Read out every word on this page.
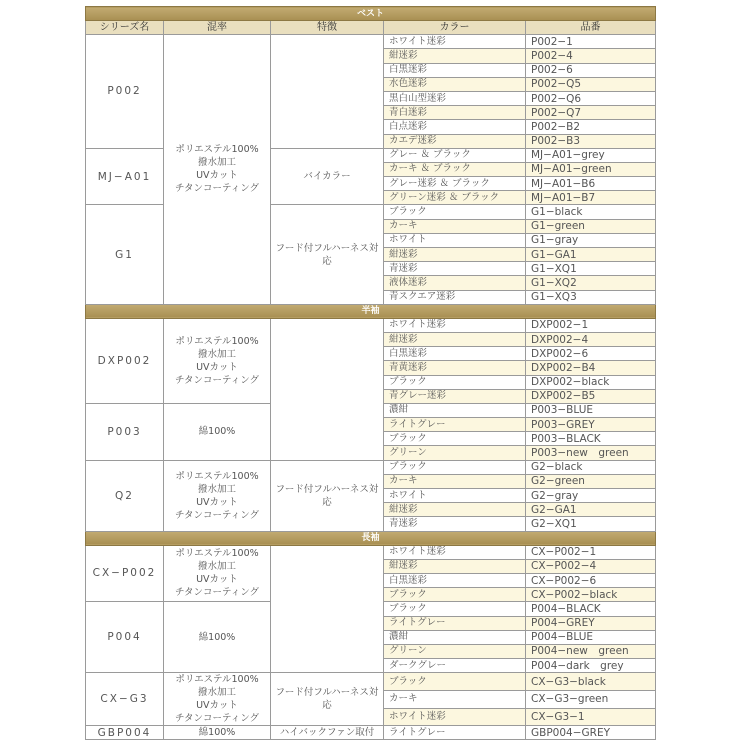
ベスト				
シリーズ名	混率	特徴	カラー	品番
P002	ポリエステル100%
撥水加工
UVカット
チタンコーティング		ホワイト迷彩	P002−1
			紺迷彩	P002−4
			白黒迷彩	P002−6
			水色迷彩	P002−Q5
			黒白山型迷彩	P002−Q6
			青白迷彩	P002−Q7
			白点迷彩	P002−B2
			カエデ迷彩	P002−B3
MJ−A01		バイカラー	グレー ＆ ブラック	MJ−A01−grey
			カーキ ＆ ブラック	MJ−A01−green
			グレー迷彩 ＆ ブラック	MJ−A01−B6
			グリーン迷彩 ＆ ブラック	MJ−A01−B7
G1		フード付フルハーネス対応	ブラック	G1−black
			カーキ	G1−green
			ホワイト	G1−gray
			紺迷彩	G1−GA1
			青迷彩	G1−XQ1
			液体迷彩	G1−XQ2
			青スクエア迷彩	G1−XQ3
半袖				
DXP002	ポリエステル100%
撥水加工
UVカット
チタンコーティング		ホワイト迷彩	DXP002−1
			紺迷彩	DXP002−4
			白黒迷彩	DXP002−6
			青黄迷彩	DXP002−B4
			ブラック	DXP002−black
			青グレー迷彩	DXP002−B5
P003	綿100%		濃紺	P003−BLUE
			ライトグレー	P003−GREY
			ブラック	P003−BLACK
			グリーン	P003−new　green
Q2	ポリエステル100%
撥水加工
UVカット
チタンコーティング	フード付フルハーネス対応	ブラック	G2−black
			カーキ	G2−green
			ホワイト	G2−gray
			紺迷彩	G2−GA1
			青迷彩	G2−XQ1
長袖				
CX−P002	ポリエステル100%
撥水加工
UVカット
チタンコーティング		ホワイト迷彩	CX−P002−1
			紺迷彩	CX−P002−4
			白黒迷彩	CX−P002−6
			ブラック	CX−P002−black
P004	綿100%		ブラック	P004−BLACK
			ライトグレー	P004−GREY
			濃紺	P004−BLUE
			グリーン	P004−new　green
			ダークグレー	P004−dark　grey
CX−G3	ポリエステル100%
撥水加工
UVカット
チタンコーティング	フード付フルハーネス対応	ブラック	CX−G3−black
			カーキ	CX−G3−green
			ホワイト迷彩	CX−G3−1
GBP004	綿100%	ハイバックファン取付	ライトグレー	GBP004−GREY
